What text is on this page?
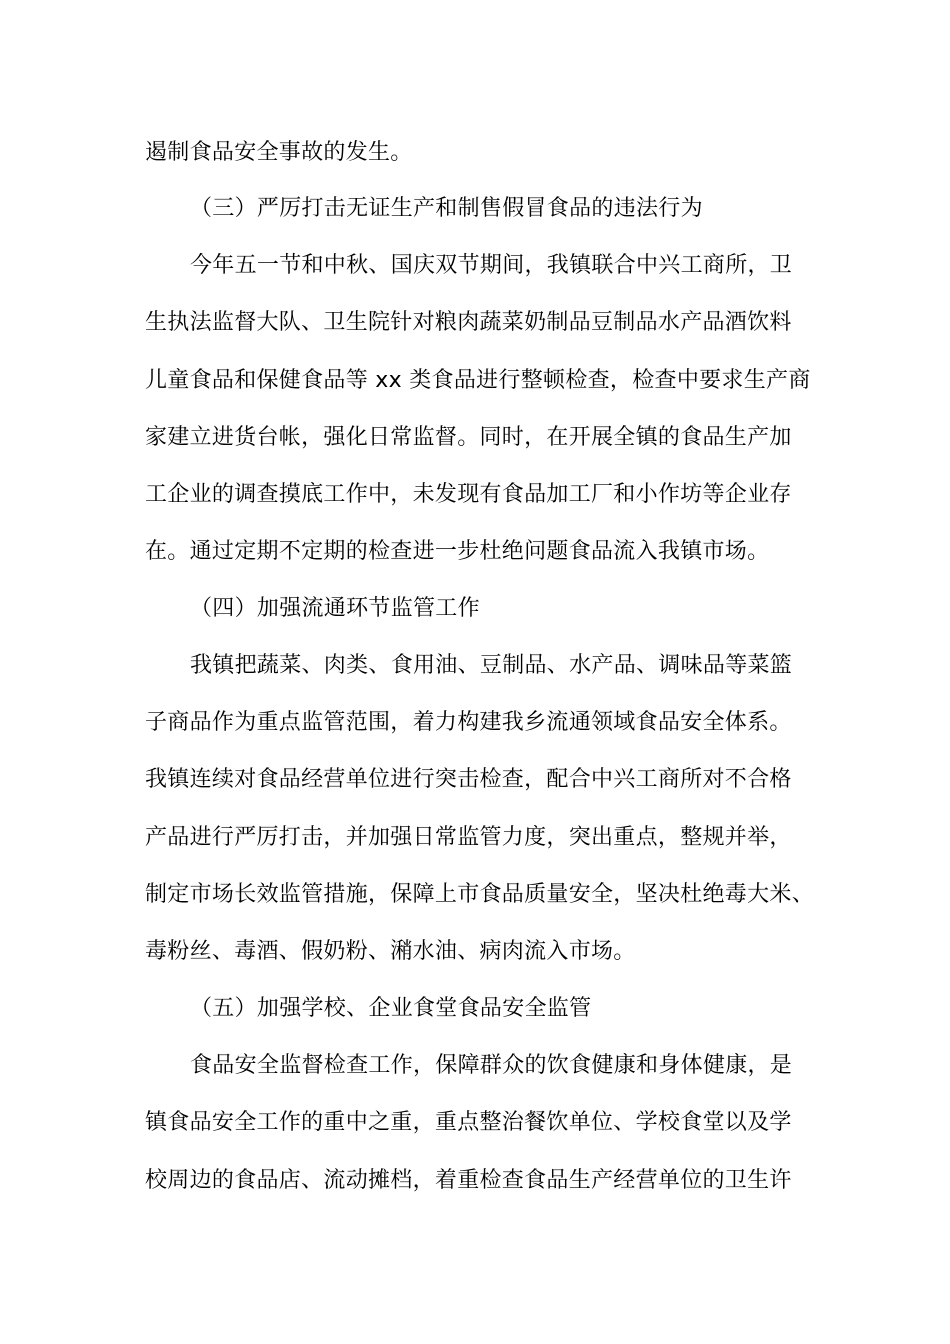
遏制食品安全事故的发生。
（三）严厉打击无证生产和制售假冒食品的违法行为
今年五一节和中秋、国庆双节期间，我镇联合中兴工商所，卫
生执法监督大队、卫生院针对粮肉蔬菜奶制品豆制品水产品酒饮料
儿童食品和保健食品等 xx 类食品进行整顿检查，检查中要求生产商
家建立进货台帐，强化日常监督。同时，在开展全镇的食品生产加
工企业的调查摸底工作中，未发现有食品加工厂和小作坊等企业存
在。通过定期不定期的检查进一步杜绝问题食品流入我镇市场。
（四）加强流通环节监管工作
我镇把蔬菜、肉类、食用油、豆制品、水产品、调味品等菜篮
子商品作为重点监管范围，着力构建我乡流通领域食品安全体系。
我镇连续对食品经营单位进行突击检查，配合中兴工商所对不合格
产品进行严厉打击，并加强日常监管力度，突出重点，整规并举，
制定市场长效监管措施，保障上市食品质量安全，坚决杜绝毒大米、
毒粉丝、毒酒、假奶粉、潲水油、病肉流入市场。
（五）加强学校、企业食堂食品安全监管
食品安全监督检查工作，保障群众的饮食健康和身体健康，是
镇食品安全工作的重中之重，重点整治餐饮单位、学校食堂以及学
校周边的食品店、流动摊档，着重检查食品生产经营单位的卫生许
